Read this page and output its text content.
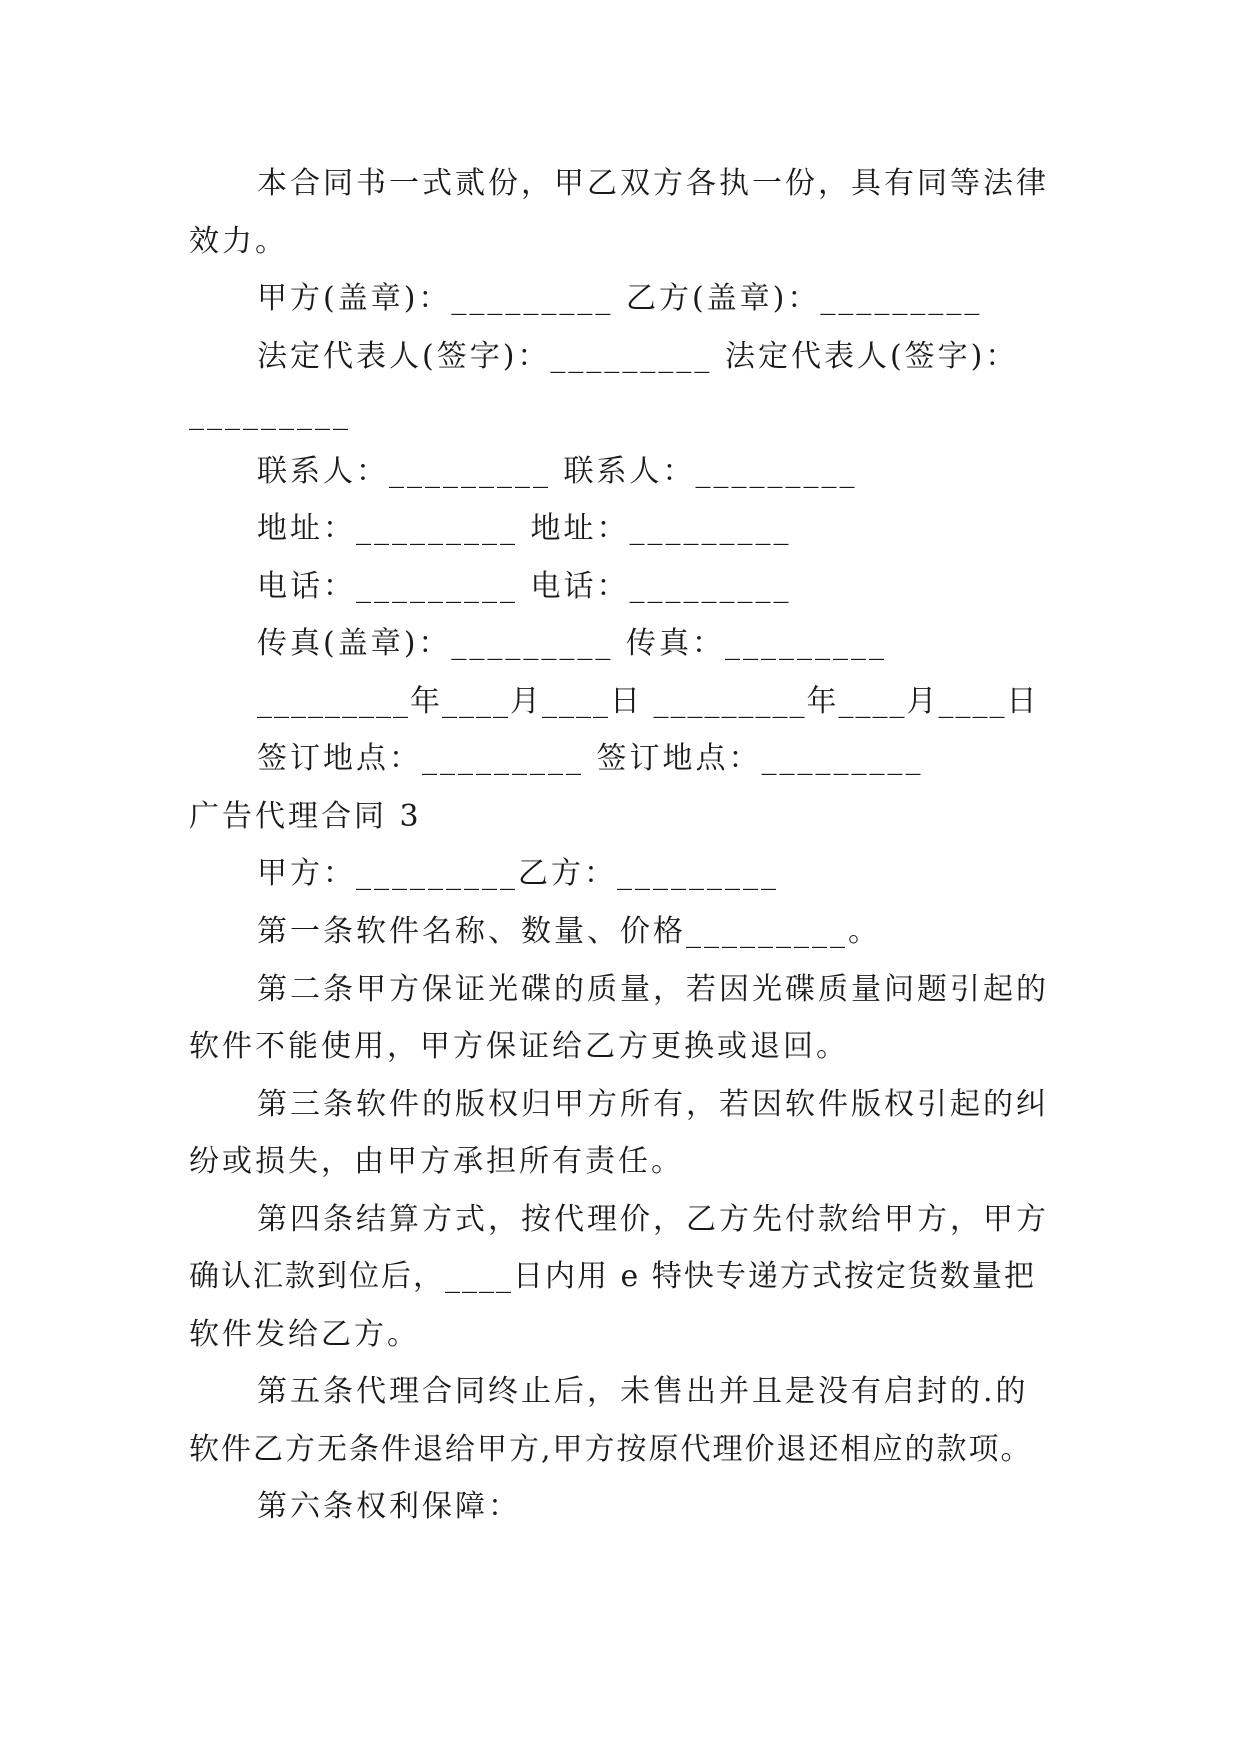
本合同书一式贰份，甲乙双方各执一份，具有同等法律
效力。
甲方(盖章)：_________ 乙方(盖章)：_________
法定代表人(签字)：_________ 法定代表人(签字)：
_________
联系人：_________ 联系人：_________
地址：_________ 地址：_________
电话：_________ 电话：_________
传真(盖章)：_________ 传真：_________
_________年____月____日 _________年____月____日
签订地点：_________ 签订地点：_________
广告代理合同 3
甲方：_________乙方：_________
第一条软件名称、数量、价格_________。
第二条甲方保证光碟的质量，若因光碟质量问题引起的
软件不能使用，甲方保证给乙方更换或退回。
第三条软件的版权归甲方所有，若因软件版权引起的纠
纷或损失，由甲方承担所有责任。
第四条结算方式，按代理价，乙方先付款给甲方，甲方
确认汇款到位后，____日内用 e 特快专递方式按定货数量把
软件发给乙方。
第五条代理合同终止后，未售出并且是没有启封的.的
软件乙方无条件退给甲方,甲方按原代理价退还相应的款项。
第六条权利保障：
